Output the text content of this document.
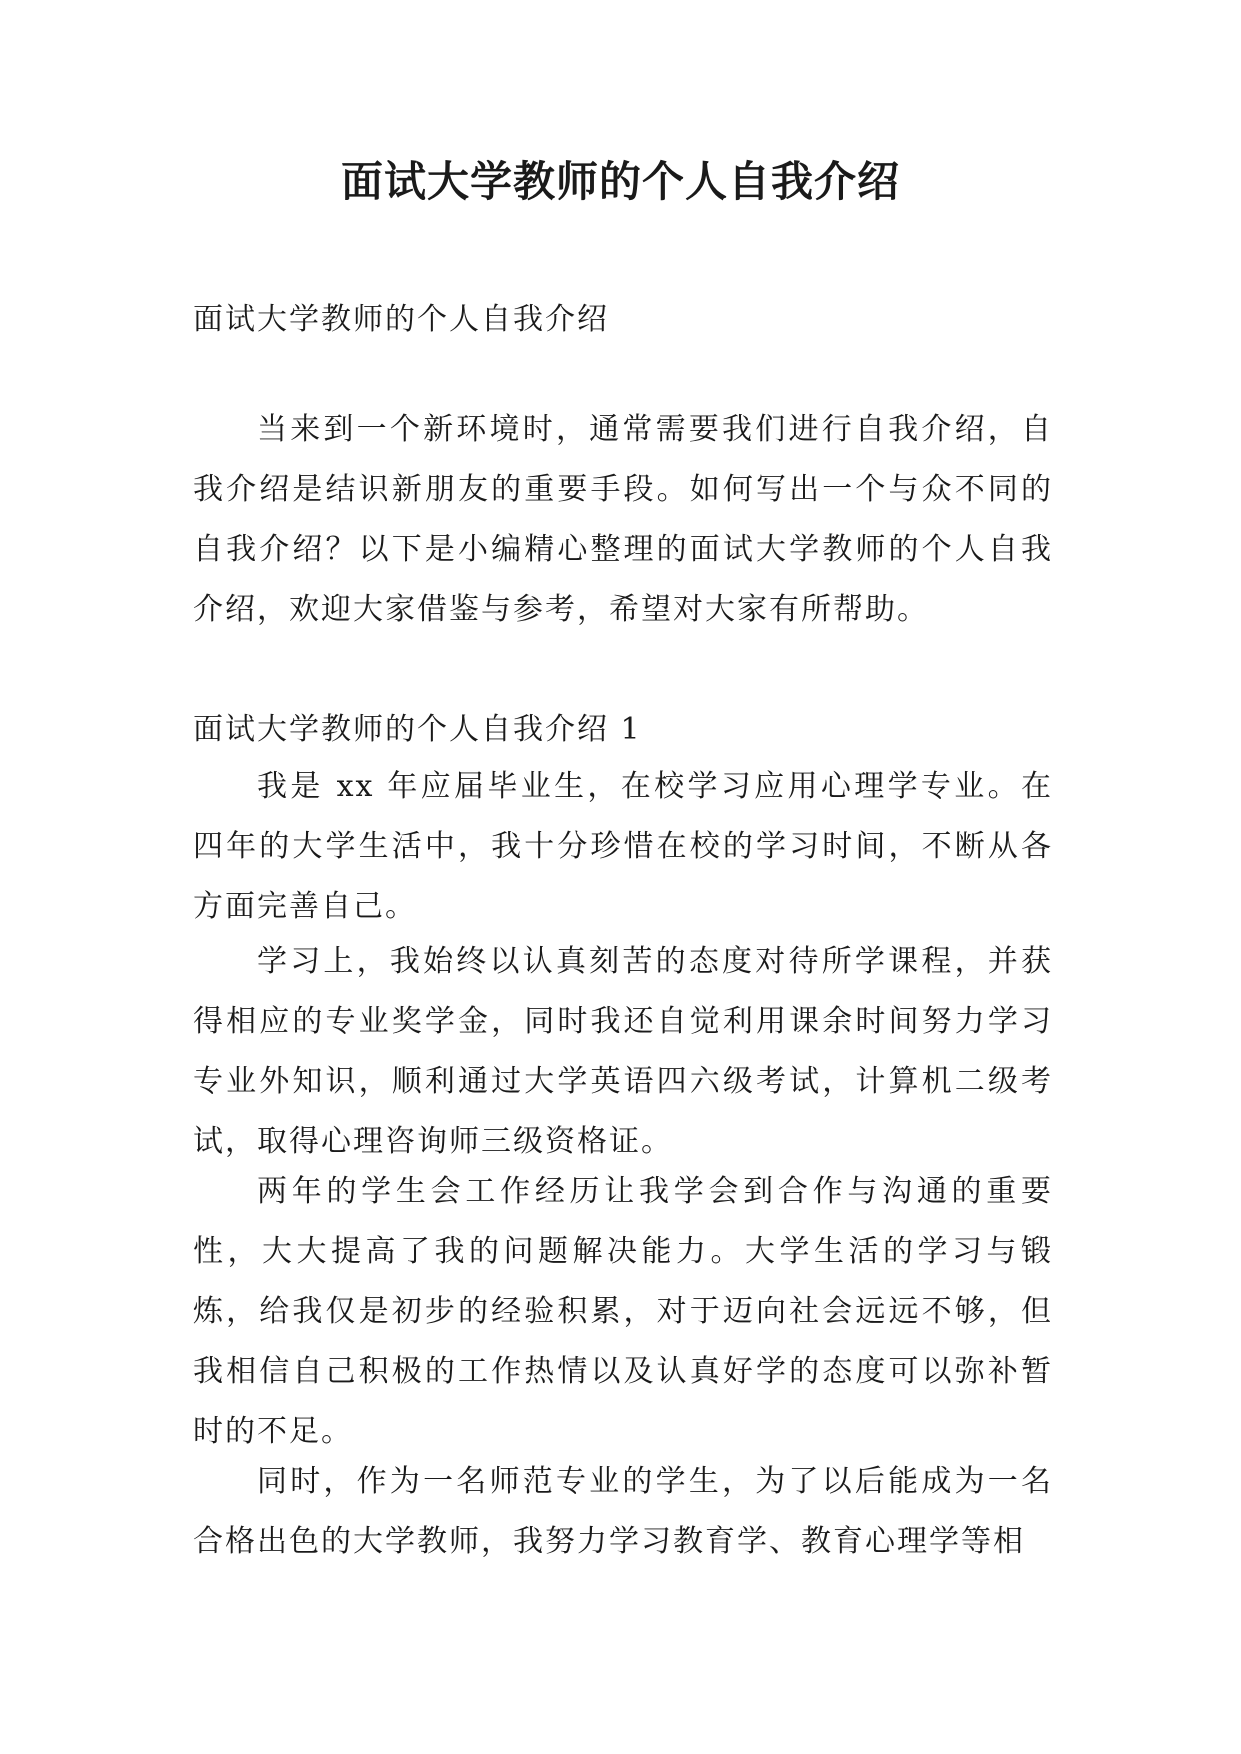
面试大学教师的个人自我介绍

面试大学教师的个人自我介绍

当来到一个新环境时，通常需要我们进行自我介绍，自我介绍是结识新朋友的重要手段。如何写出一个与众不同的自我介绍？以下是小编精心整理的面试大学教师的个人自我介绍，欢迎大家借鉴与参考，希望对大家有所帮助。

面试大学教师的个人自我介绍 1

我是 xx 年应届毕业生，在校学习应用心理学专业。在四年的大学生活中，我十分珍惜在校的学习时间，不断从各方面完善自己。

学习上，我始终以认真刻苦的态度对待所学课程，并获得相应的专业奖学金，同时我还自觉利用课余时间努力学习专业外知识，顺利通过大学英语四六级考试，计算机二级考试，取得心理咨询师三级资格证。

两年的学生会工作经历让我学会到合作与沟通的重要性，大大提高了我的问题解决能力。大学生活的学习与锻炼，给我仅是初步的经验积累，对于迈向社会远远不够，但我相信自己积极的工作热情以及认真好学的态度可以弥补暂时的不足。

同时，作为一名师范专业的学生，为了以后能成为一名合格出色的大学教师，我努力学习教育学、教育心理学等相
